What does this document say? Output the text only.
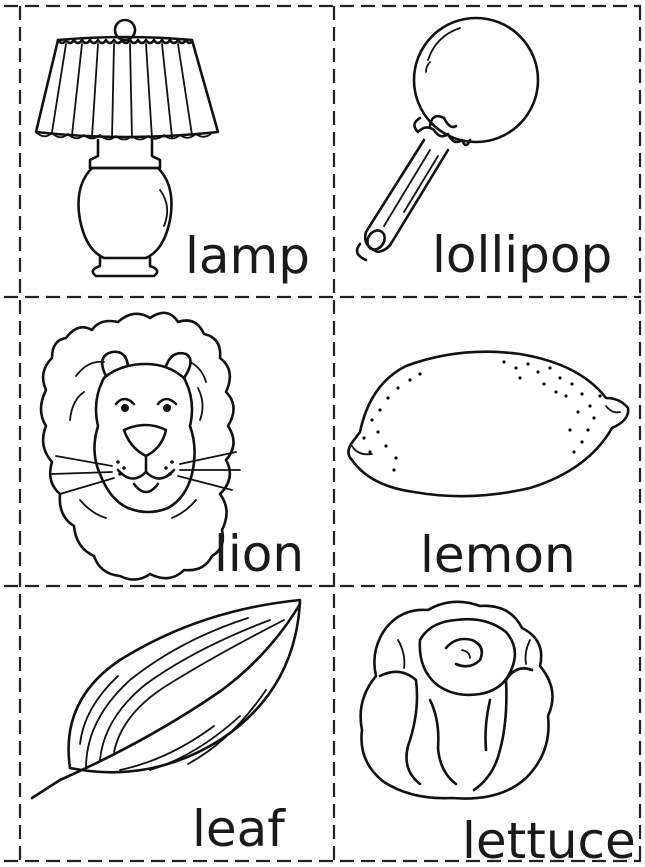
lamp lollipop
lion lemon
leaf	lettuce
